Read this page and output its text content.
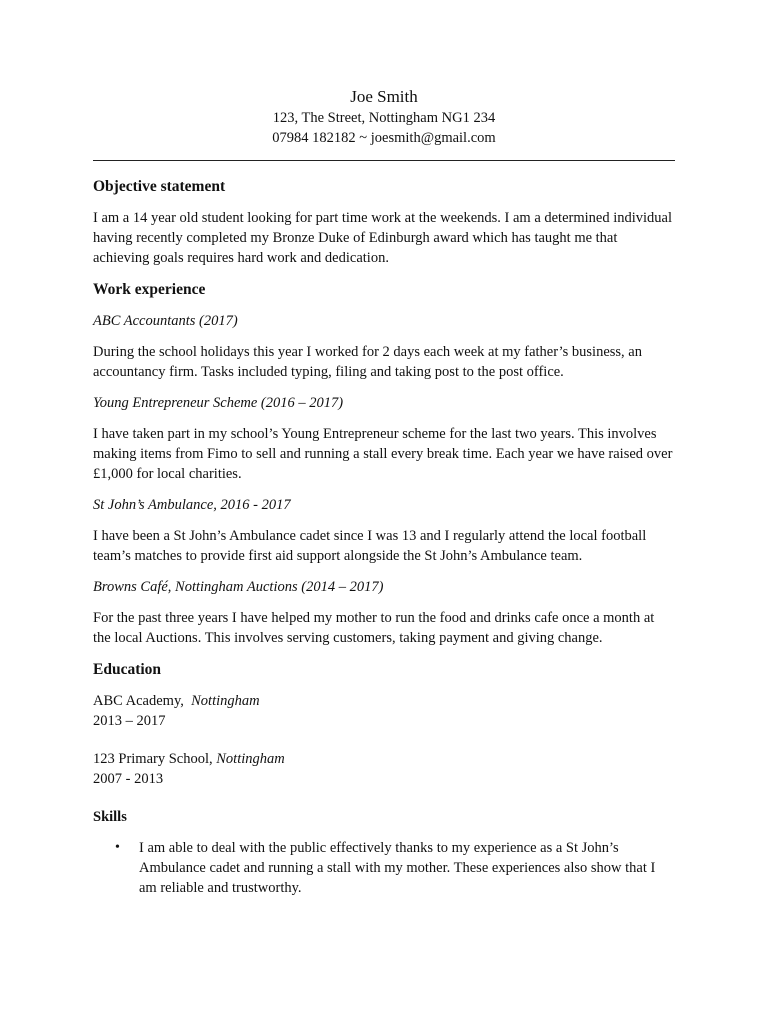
Joe Smith
123, The Street, Nottingham NG1 234
07984 182182 ~ joesmith@gmail.com
Objective statement

I am a 14 year old student looking for part time work at the weekends. I am a determined individual having recently completed my Bronze Duke of Edinburgh award which has taught me that achieving goals requires hard work and dedication.

Work experience
ABC Accountants (2017)

During the school holidays this year I worked for 2 days each week at my father’s business, an accountancy firm. Tasks included typing, filing and taking post to the post office.

Young Entrepreneur Scheme (2016 – 2017)

I have taken part in my school’s Young Entrepreneur scheme for the last two years. This involves making items from Fimo to sell and running a stall every break time. Each year we have raised over £1,000 for local charities.

St John’s Ambulance, 2016 - 2017

I have been a St John’s Ambulance cadet since I was 13 and I regularly attend the local football team’s matches to provide first aid support alongside the St John’s Ambulance team.

Browns Café, Nottingham Auctions (2014 – 2017)

For the past three years I have helped my mother to run the food and drinks cafe once a month at the local Auctions. This involves serving customers, taking payment and giving change.

Education
ABC Academy, Nottingham
2013 – 2017
123 Primary School, Nottingham
2007 - 2013
Skills
• I am able to deal with the public effectively thanks to my experience as a St John’s Ambulance cadet and running a stall with my mother. These experiences also show that I am reliable and trustworthy.
